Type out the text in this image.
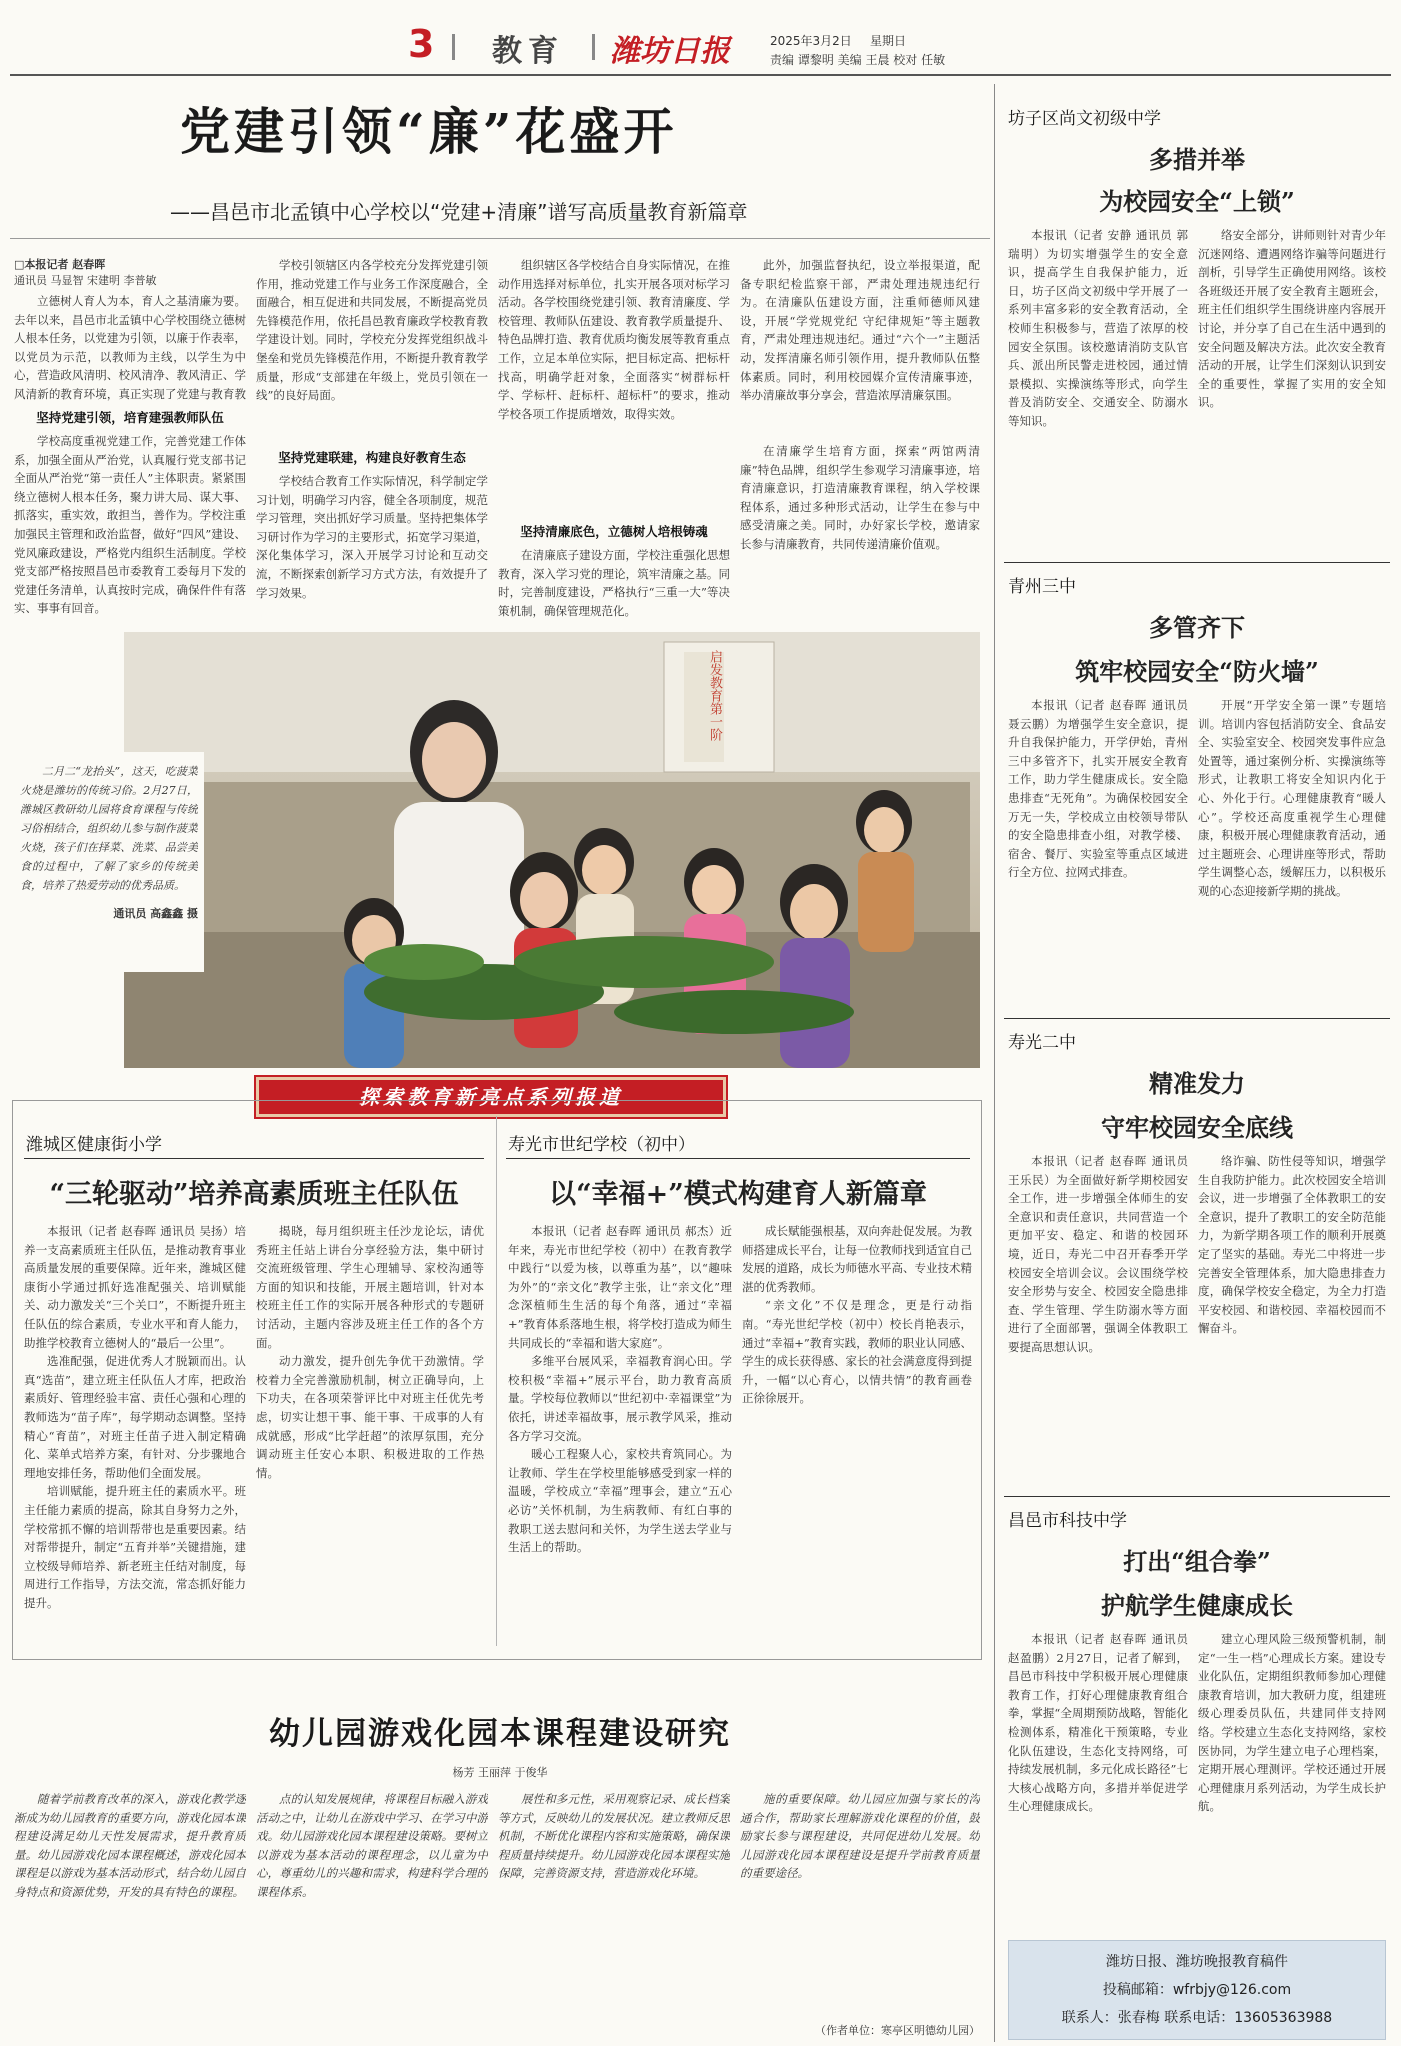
3 教育 潍坊日报	2025年3月2日 星期日
责编 谭黎明 美编 王晨 校对 任敏
党建引领“廉”花盛开
——昌邑市北孟镇中心学校以“党建+清廉”谱写高质量教育新篇章
□本报记者 赵春晖
通讯员 马显智 宋建明 李普敏

立德树人育人为本，育人之基清廉为要。去年以来，昌邑市北孟镇中心学校围绕立德树人根本任务，以党建为引领，以廉于作表率，以党员为示范，以教师为主线，以学生为中心，营造政风清明、校风清净、教风清正、学风清新的教育环境，真正实现了党建与教育教

坚持党建引领，培育建强教师队伍

学校高度重视党建工作，完善党建工作体系，加强全面从严治党，认真履行党支部书记全面从严治党“第一责任人”主体职责。紧紧围绕立德树人根本任务，聚力讲大局、谋大事、抓落实，重实效，敢担当，善作为。学校注重加强民主管理和政治监督，做好“四风”建设、党风廉政建设，严格党内组织生活制度。学校党支部严格按照昌邑市委教育工委每月下发的党建任务清单，认真按时完成，确保件件有落实、事事有回音。

学校引领辖区内各学校充分发挥党建引领作用，推动党建工作与业务工作深度融合，全面融合，相互促进和共同发展，不断提高党员先锋模范作用，依托昌邑教育廉政学校教育教学建设计划。同时，学校充分发挥党组织战斗堡垒和党员先锋模范作用，不断提升教育教学质量，形成“支部建在年级上，党员引领在一线”的良好局面。

坚持党建联建，构建良好教育生态

学校结合教育工作实际情况，科学制定学习计划，明确学习内容，健全各项制度，规范学习管理，突出抓好学习质量。坚持把集体学习研讨作为学习的主要形式，拓宽学习渠道，深化集体学习，深入开展学习讨论和互动交流，不断探索创新学习方式方法，有效提升了学习效果。

组织辖区各学校结合自身实际情况，在推动作用选择对标单位，扎实开展各项对标学习活动。各学校围绕党建引领、教育清廉度、学校管理、教师队伍建设、教育教学质量提升、特色品牌打造、教育优质均衡发展等教育重点工作，立足本单位实际，把目标定高、把标杆找高，明确学赶对象，全面落实“树群标杆学、学标杆、赶标杆、超标杆”的要求，推动学校各项工作提质增效，取得实效。

坚持清廉底色，立德树人培根铸魂

在清廉底子建设方面，学校注重强化思想教育，深入学习党的理论，筑牢清廉之基。同时，完善制度建设，严格执行“三重一大”等决策机制，确保管理规范化。

此外，加强监督执纪，设立举报渠道，配备专职纪检监察干部，严肃处理违规违纪行为。在清廉队伍建设方面，注重师德师风建设，开展“学党规党纪 守纪律规矩”等主题教育，严肃处理违规违纪。通过“六个一”主题活动，发挥清廉名师引领作用，提升教师队伍整体素质。同时，利用校园媒介宣传清廉事迹，举办清廉故事分享会，营造浓厚清廉氛围。

在清廉学生培育方面，探索“两馆两清廉”特色品牌，组织学生参观学习清廉事迹，培育清廉意识，打造清廉教育课程，纳入学校课程体系，通过多种形式活动，让学生在参与中感受清廉之美。同时，办好家长学校，邀请家长参与清廉教育，共同传递清廉价值观。

启发教育第一阶
二月二“龙抬头”，这天，吃菠菜火烧是潍坊的传统习俗。2月27日，潍城区教研幼儿园将食育课程与传统习俗相结合，组织幼儿参与制作菠菜火烧，孩子们在择菜、洗菜、品尝美食的过程中，了解了家乡的传统美食，培养了热爱劳动的优秀品质。
通讯员 高鑫鑫 摄
探索教育新亮点系列报道
潍城区健康街小学
“三轮驱动”培养高素质班主任队伍

本报讯（记者 赵春晖 通讯员 吴扬）培养一支高素质班主任队伍，是推动教育事业高质量发展的重要保障。近年来，潍城区健康街小学通过抓好选准配强关、培训赋能关、动力激发关“三个关口”，不断提升班主任队伍的综合素质，专业水平和育人能力，助推学校教育立德树人的“最后一公里”。

选准配强，促进优秀人才脱颖而出。认真“选苗”，建立班主任队伍人才库，把政治素质好、管理经验丰富、责任心强和心理的教师选为“苗子库”，每学期动态调整。坚持精心“育苗”，对班主任苗子进入制定精确化、菜单式培养方案，有针对、分步骤地合理地安排任务，帮助他们全面发展。

培训赋能，提升班主任的素质水平。班主任能力素质的提高，除其自身努力之外，学校常抓不懈的培训帮带也是重要因素。结对帮带提升，制定“五育并举”关键措施，建立校级导师培养、新老班主任结对制度，每周进行工作指导，方法交流，常态抓好能力提升。

揭晓，每月组织班主任沙龙论坛，请优秀班主任站上讲台分享经验方法，集中研讨交流班级管理、学生心理辅导、家校沟通等方面的知识和技能，开展主题培训，针对本校班主任工作的实际开展各种形式的专题研讨活动，主题内容涉及班主任工作的各个方面。

动力激发，提升创先争优干劲激情。学校着力全完善激励机制，树立正确导向，上下功夫，在各项荣誉评比中对班主任优先考虑，切实让想干事、能干事、干成事的人有成就感，形成“比学赶超”的浓厚氛围，充分调动班主任安心本职、积极进取的工作热情。

寿光市世纪学校（初中）
以“幸福+”模式构建育人新篇章

本报讯（记者 赵春晖 通讯员 郝杰）近年来，寿光市世纪学校（初中）在教育教学中践行“以爱为核，以尊重为基”，以“趣味为外”的“亲文化”教学主张，让“亲文化”理念深植师生生活的每个角落，通过“幸福+”教育体系落地生根，将学校打造成为师生共同成长的“幸福和谐大家庭”。

多维平台展风采，幸福教育润心田。学校积极“幸福+”展示平台，助力教育高质量。学校每位教师以“世纪初中·幸福课堂”为依托，讲述幸福故事，展示教学风采，推动各方学习交流。

暖心工程聚人心，家校共育筑同心。为让教师、学生在学校里能够感受到家一样的温暖，学校成立“幸福”理事会，建立“五心必访”关怀机制，为生病教师、有红白事的教职工送去慰问和关怀，为学生送去学业与生活上的帮助。

成长赋能强根基，双向奔赴促发展。为教师搭建成长平台，让每一位教师找到适宜自己发展的道路，成长为师德水平高、专业技术精湛的优秀教师。

“亲文化”不仅是理念，更是行动指南。“寿光世纪学校（初中）校长肖艳表示，通过“幸福+”教育实践，教师的职业认同感、学生的成长获得感、家长的社会满意度得到提升，一幅“以心育心，以情共情”的教育画卷正徐徐展开。

幼儿园游戏化园本课程建设研究
杨芳 王丽萍 于俊华

随着学前教育改革的深入，游戏化教学逐渐成为幼儿园教育的重要方向，游戏化园本课程建设满足幼儿天性发展需求，提升教育质量。幼儿园游戏化园本课程概述，游戏化园本课程是以游戏为基本活动形式，结合幼儿园自身特点和资源优势，开发的具有特色的课程。

点的认知发展规律，将课程目标融入游戏活动之中，让幼儿在游戏中学习、在学习中游戏。幼儿园游戏化园本课程建设策略。要树立以游戏为基本活动的课程理念，以儿童为中心，尊重幼儿的兴趣和需求，构建科学合理的课程体系。

展性和多元性，采用观察记录、成长档案等方式，反映幼儿的发展状况。建立教师反思机制，不断优化课程内容和实施策略，确保课程质量持续提升。幼儿园游戏化园本课程实施保障，完善资源支持，营造游戏化环境。

施的重要保障。幼儿园应加强与家长的沟通合作，帮助家长理解游戏化课程的价值，鼓励家长参与课程建设，共同促进幼儿发展。幼儿园游戏化园本课程建设是提升学前教育质量的重要途径。

（作者单位：寒亭区明德幼儿园）
坊子区尚文初级中学
多措并举
为校园安全“上锁”

本报讯（记者 安静 通讯员 郭瑞明）为切实增强学生的安全意识，提高学生自我保护能力，近日，坊子区尚文初级中学开展了一系列丰富多彩的安全教育活动，全校师生积极参与，营造了浓厚的校园安全氛围。该校邀请消防支队官兵、派出所民警走进校园，通过情景模拟、实操演练等形式，向学生普及消防安全、交通安全、防溺水等知识。

络安全部分，讲师则针对青少年沉迷网络、遭遇网络诈骗等问题进行剖析，引导学生正确使用网络。该校各班级还开展了安全教育主题班会，班主任们组织学生围绕讲座内容展开讨论，并分享了自己在生活中遇到的安全问题及解决方法。此次安全教育活动的开展，让学生们深刻认识到安全的重要性，掌握了实用的安全知识。

青州三中
多管齐下
筑牢校园安全“防火墙”

本报讯（记者 赵春晖 通讯员 聂云鹏）为增强学生安全意识，提升自我保护能力，开学伊始，青州三中多管齐下，扎实开展安全教育工作，助力学生健康成长。安全隐患排查“无死角”。为确保校园安全万无一失，学校成立由校领导带队的安全隐患排查小组，对教学楼、宿舍、餐厅、实验室等重点区域进行全方位、拉网式排查。

开展“开学安全第一课”专题培训。培训内容包括消防安全、食品安全、实验室安全、校园突发事件应急处置等，通过案例分析、实操演练等形式，让教职工将安全知识内化于心、外化于行。心理健康教育“暖人心”。学校还高度重视学生心理健康，积极开展心理健康教育活动，通过主题班会、心理讲座等形式，帮助学生调整心态，缓解压力，以积极乐观的心态迎接新学期的挑战。

寿光二中
精准发力
守牢校园安全底线

本报讯（记者 赵春晖 通讯员 王乐民）为全面做好新学期校园安全工作，进一步增强全体师生的安全意识和责任意识，共同营造一个更加平安、稳定、和谐的校园环境，近日，寿光二中召开春季开学校园安全培训会议。会议围绕学校安全形势与安全、校园安全隐患排查、学生管理、学生防溺水等方面进行了全面部署，强调全体教职工要提高思想认识。

络诈骗、防性侵等知识，增强学生自我防护能力。此次校园安全培训会议，进一步增强了全体教职工的安全意识，提升了教职工的安全防范能力，为新学期各项工作的顺利开展奠定了坚实的基础。寿光二中将进一步完善安全管理体系，加大隐患排查力度，确保学校安全稳定，为全力打造平安校园、和谐校园、幸福校园而不懈奋斗。

昌邑市科技中学
打出“组合拳”
护航学生健康成长

本报讯（记者 赵春晖 通讯员 赵盈鹏）2月27日，记者了解到，昌邑市科技中学积极开展心理健康教育工作，打好心理健康教育组合拳，掌握“全周期预防战略，智能化检测体系，精准化干预策略，专业化队伍建设，生态化支持网络，可持续发展机制，多元化成长路径”七大核心战略方向，多措并举促进学生心理健康成长。

建立心理风险三级预警机制，制定“一生一档”心理成长方案。建设专业化队伍，定期组织教师参加心理健康教育培训，加大教研力度，组建班级心理委员队伍，共建同伴支持网络。学校建立生态化支持网络，家校医协同，为学生建立电子心理档案，定期开展心理测评。学校还通过开展心理健康月系列活动，为学生成长护航。

潍坊日报、潍坊晚报教育稿件
投稿邮箱：wfrbjy@126.com
联系人：张春梅 联系电话：13605363988
